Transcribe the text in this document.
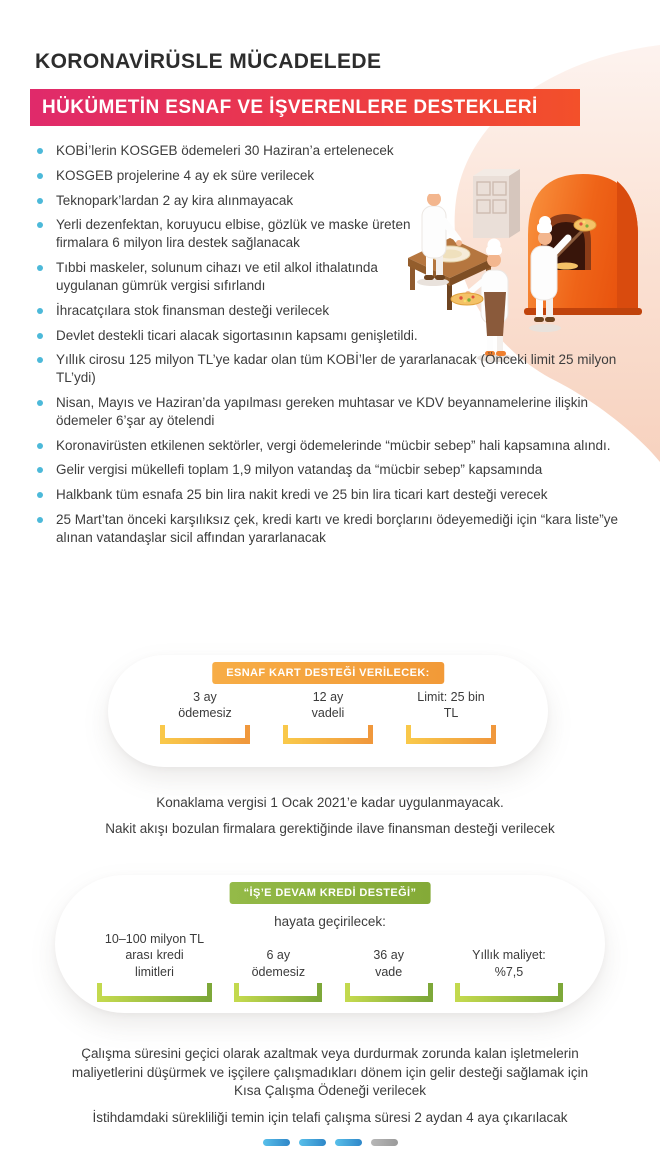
KORONAVİRÜSLE MÜCADELEDE
HÜKÜMETİN ESNAF VE İŞVERENLERE DESTEKLERİ
KOBİ’lerin KOSGEB ödemeleri 30 Haziran’a ertelenecek
KOSGEB projelerine 4 ay ek süre verilecek
Teknopark’lardan 2 ay kira alınmayacak
Yerli dezenfektan, koruyucu elbise, gözlük ve maske üreten firmalara 6 milyon lira destek sağlanacak
Tıbbi maskeler, solunum cihazı ve etil alkol ithalatında uygulanan gümrük vergisi sıfırlandı
İhracatçılara stok finansman desteği verilecek
Devlet destekli ticari alacak sigortasının kapsamı genişletildi.
Yıllık cirosu 125 milyon TL’ye kadar olan tüm KOBİ’ler de yararlanacak (Önceki limit 25 milyon TL’ydi)
Nisan, Mayıs ve Haziran’da yapılması gereken muhtasar ve KDV beyannamelerine ilişkin ödemeler 6’şar ay ötelendi
Koronavirüsten etkilenen sektörler, vergi ödemelerinde “mücbir sebep” hali kapsamına alındı.
Gelir vergisi mükellefi toplam 1,9 milyon vatandaş da “mücbir sebep” kapsamında
Halkbank tüm esnafa 25 bin lira nakit kredi ve 25 bin lira ticari kart desteği verecek
25 Mart’tan önceki karşılıksız çek, kredi kartı ve kredi borçlarını ödeyemediği için “kara liste”ye alınan vatandaşlar sicil affından yararlanacak
ESNAF KART DESTEĞİ VERİLECEK:
3 ay ödemesiz
12 ay vadeli
Limit: 25 bin TL
Konaklama vergisi 1 Ocak 2021’e kadar uygulanmayacak.
Nakit akışı bozulan firmalara gerektiğinde ilave finansman desteği verilecek
“İŞ’E DEVAM KREDİ DESTEĞİ”
hayata geçirilecek:
10–100 milyon TL arası kredi limitleri
6 ay ödemesiz
36 ay vade
Yıllık maliyet: %7,5
Çalışma süresini geçici olarak azaltmak veya durdurmak zorunda kalan işletmelerin maliyetlerini düşürmek ve işçilere çalışmadıkları dönem için gelir desteği sağlamak için Kısa Çalışma Ödeneği verilecek
İstihdamdaki sürekliliği temin için telafi çalışma süresi 2 aydan 4 aya çıkarılacak
